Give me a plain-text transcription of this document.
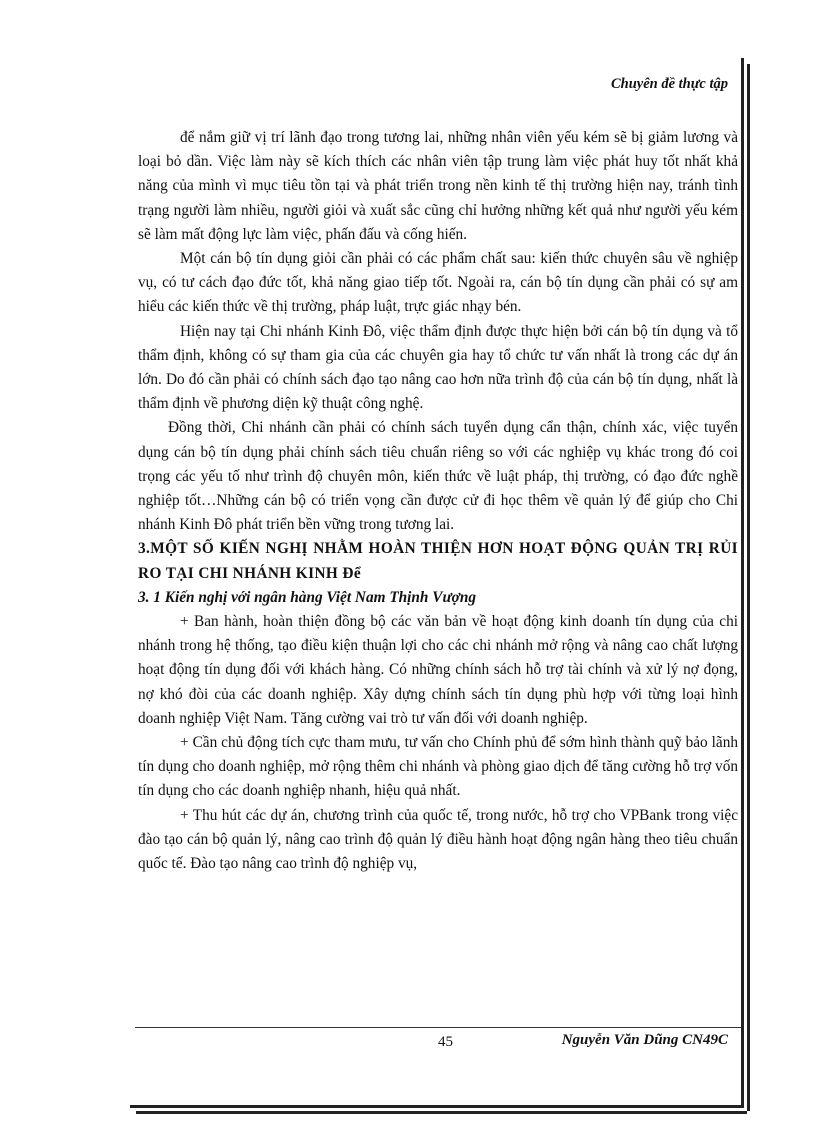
Chuyên đề thực tập

để nắm giữ vị trí lãnh đạo trong tương lai, những nhân viên yếu kém sẽ bị giảm lương và loại bỏ dần. Việc làm này sẽ kích thích các nhân viên tập trung làm việc phát huy tốt nhất khả năng của mình vì mục tiêu tồn tại và phát triển trong nền kinh tế thị trường hiện nay, tránh tình trạng người làm nhiều, người giỏi và xuất sắc cũng chỉ hưởng những kết quả như người yếu kém sẽ làm mất động lực làm việc, phấn đấu và cống hiến.

Một cán bộ tín dụng giỏi cần phải có các phẩm chất sau: kiến thức chuyên sâu về nghiệp vụ, có tư cách đạo đức tốt, khả năng giao tiếp tốt. Ngoài ra, cán bộ tín dụng cần phải có sự am hiểu các kiến thức về thị trường, pháp luật, trực giác nhạy bén.

Hiện nay tại Chi nhánh Kinh Đô, việc thẩm định được thực hiện bởi cán bộ tín dụng và tổ thẩm định, không có sự tham gia của các chuyên gia hay tổ chức tư vấn nhất là trong các dự án lớn. Do đó cần phải có chính sách đạo tạo nâng cao hơn nữa trình độ của cán bộ tín dụng, nhất là thẩm định về phương diện kỹ thuật công nghệ.

Đồng thời, Chi nhánh cần phải có chính sách tuyển dụng cẩn thận, chính xác, việc tuyển dụng cán bộ tín dụng phải chính sách tiêu chuẩn riêng so với các nghiệp vụ khác trong đó coi trọng các yếu tố như trình độ chuyên môn, kiến thức về luật pháp, thị trường, có đạo đức nghề nghiệp tốt…Những cán bộ có triển vọng cần được cử đi học thêm về quản lý để giúp cho Chi nhánh Kinh Đô phát triển bền vững trong tương lai.

3.MỘT SỐ KIẾN NGHỊ NHẰM HOÀN THIỆN HƠN HOẠT ĐỘNG QUẢN TRỊ RỦI RO TẠI CHI NHÁNH KINH Để

3. 1 Kiến nghị với ngân hàng Việt Nam Thịnh Vượng

+ Ban hành, hoàn thiện đồng bộ các văn bản về hoạt động kinh doanh tín dụng của chi nhánh trong hệ thống, tạo điều kiện thuận lợi cho các chi nhánh mở rộng và nâng cao chất lượng hoạt động tín dụng đối với khách hàng. Có những chính sách hỗ trợ tài chính và xử lý nợ đọng, nợ khó đòi của các doanh nghiệp. Xây dựng chính sách tín dụng phù hợp với từng loại hình doanh nghiệp Việt Nam. Tăng cường vai trò tư vấn đối với doanh nghiệp.

+ Cần chủ động tích cực tham mưu, tư vấn cho Chính phủ để sớm hình thành quỹ bảo lãnh tín dụng cho doanh nghiệp, mở rộng thêm chi nhánh và phòng giao dịch để tăng cường hỗ trợ vốn tín dụng cho các doanh nghiệp nhanh, hiệu quả nhất.

+ Thu hút các dự án, chương trình của quốc tế, trong nước, hỗ trợ cho VPBank trong việc đào tạo cán bộ quản lý, nâng cao trình độ quản lý điều hành hoạt động ngân hàng theo tiêu chuẩn quốc tế. Đào tạo nâng cao trình độ nghiệp vụ,

45	Nguyễn Văn Dũng CN49C
